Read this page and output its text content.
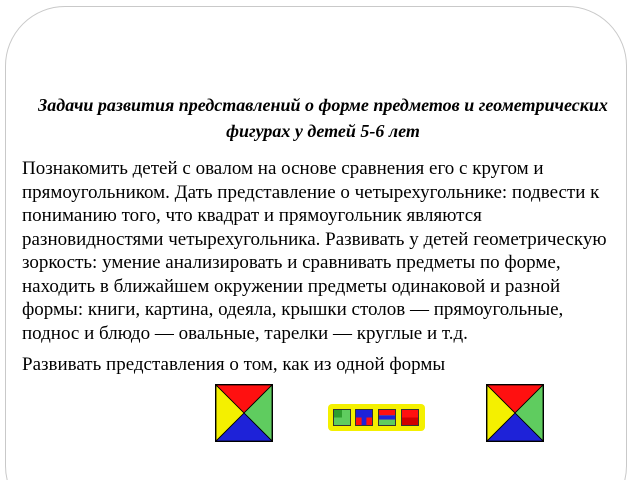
Задачи развития представлений о форме предметов и геометрических фигурах у детей 5-6 лет

Познакомить детей с овалом на основе сравнения его с кругом и прямоугольником. Дать представление о четырехугольнике: подвести к пониманию того, что квадрат и прямоугольник являются разновидностями четырехугольника. Развивать у детей геометрическую зоркость: умение анализировать и сравнивать предметы по форме, находить в ближайшем окружении предметы одинаковой и разной формы: книги, картина, одеяла, крышки столов — прямоугольные, поднос и блюдо — овальные, тарелки — круглые и т.д.

Развивать представления о том, как из одной формы
